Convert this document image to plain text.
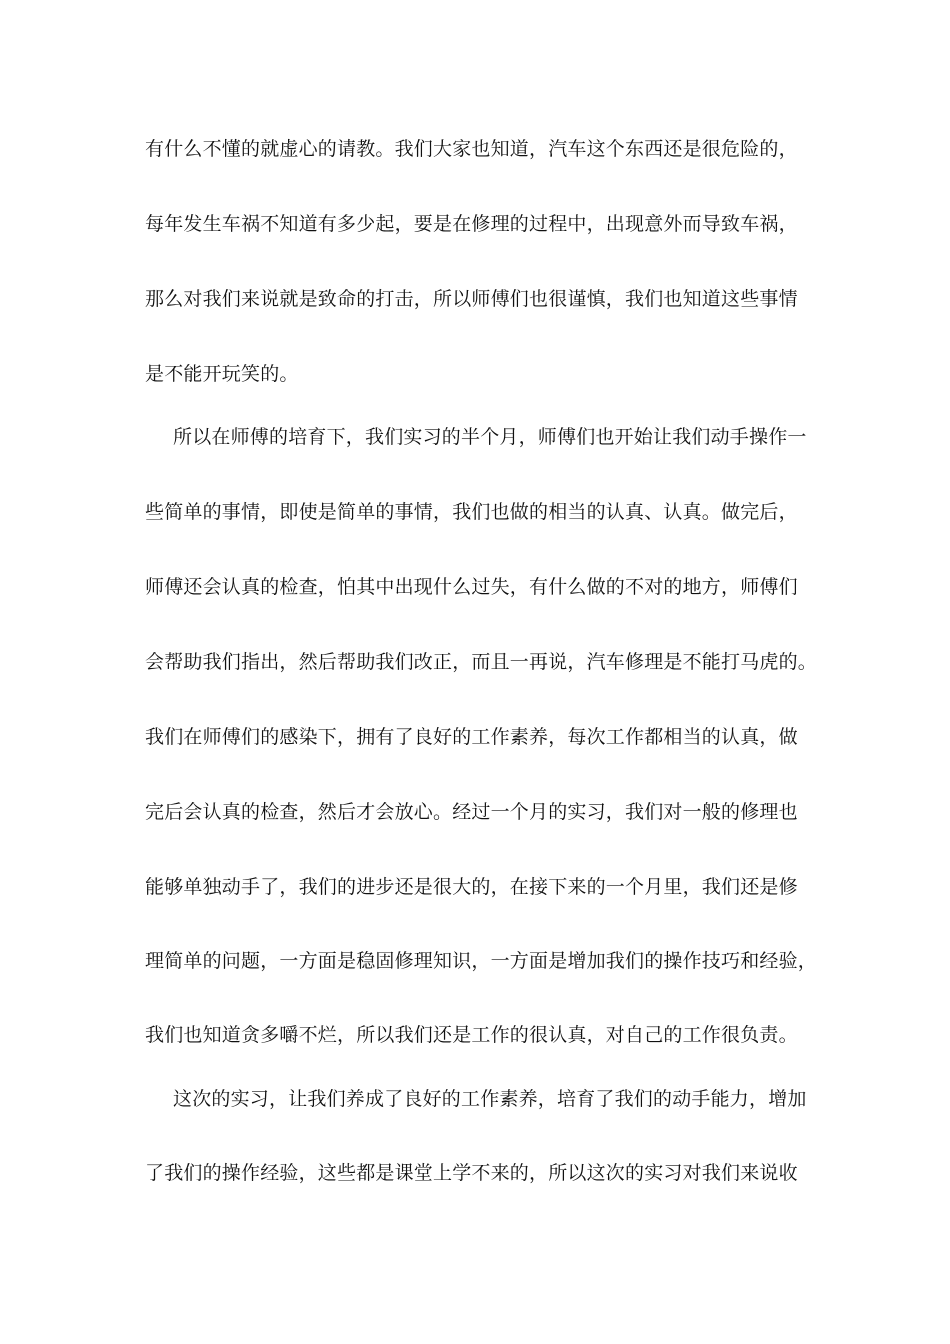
有什么不懂的就虚心的请教。我们大家也知道，汽车这个东西还是很危险的，
每年发生车祸不知道有多少起，要是在修理的过程中，出现意外而导致车祸，
那么对我们来说就是致命的打击，所以师傅们也很谨慎，我们也知道这些事情
是不能开玩笑的。
所以在师傅的培育下，我们实习的半个月，师傅们也开始让我们动手操作一
些简单的事情，即使是简单的事情，我们也做的相当的认真、认真。做完后，
师傅还会认真的检查，怕其中出现什么过失，有什么做的不对的地方，师傅们
会帮助我们指出，然后帮助我们改正，而且一再说，汽车修理是不能打马虎的。
我们在师傅们的感染下，拥有了良好的工作素养，每次工作都相当的认真，做
完后会认真的检查，然后才会放心。经过一个月的实习，我们对一般的修理也
能够单独动手了，我们的进步还是很大的，在接下来的一个月里，我们还是修
理简单的问题，一方面是稳固修理知识，一方面是增加我们的操作技巧和经验，
我们也知道贪多嚼不烂，所以我们还是工作的很认真，对自己的工作很负责。
这次的实习，让我们养成了良好的工作素养，培育了我们的动手能力，增加
了我们的操作经验，这些都是课堂上学不来的，所以这次的实习对我们来说收
